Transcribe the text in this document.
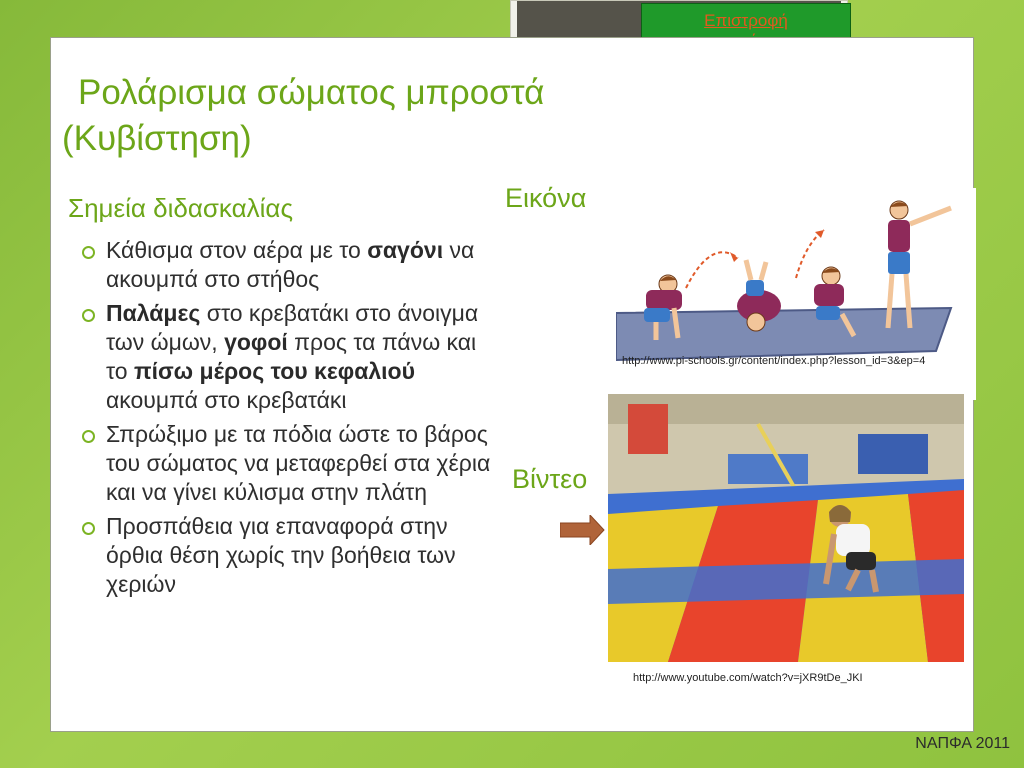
Επιστροφή

Ρολάρισμα σώματος μπροστά
(Κυβίστηση)
Σημεία διδασκαλίας
Κάθισμα στον αέρα με το σαγόνι να ακουμπά στο στήθος
Παλάμες στο κρεβατάκι στο άνοιγμα των ώμων, γοφοί προς τα πάνω και το πίσω μέρος του κεφαλιού ακουμπά στο κρεβατάκι
Σπρώξιμο με τα πόδια ώστε το βάρος του σώματος να μεταφερθεί στα χέρια και να γίνει κύλισμα στην πλάτη
Προσπάθεια για επαναφορά στην όρθια θέση χωρίς την βοήθεια των χεριών
Εικόνα
http://www.pi-schools.gr/content/index.php?lesson_id=3&ep=4
Βίντεο
http://www.youtube.com/watch?v=jXR9tDe_JKI
ΝΑΠΦΑ 2011
